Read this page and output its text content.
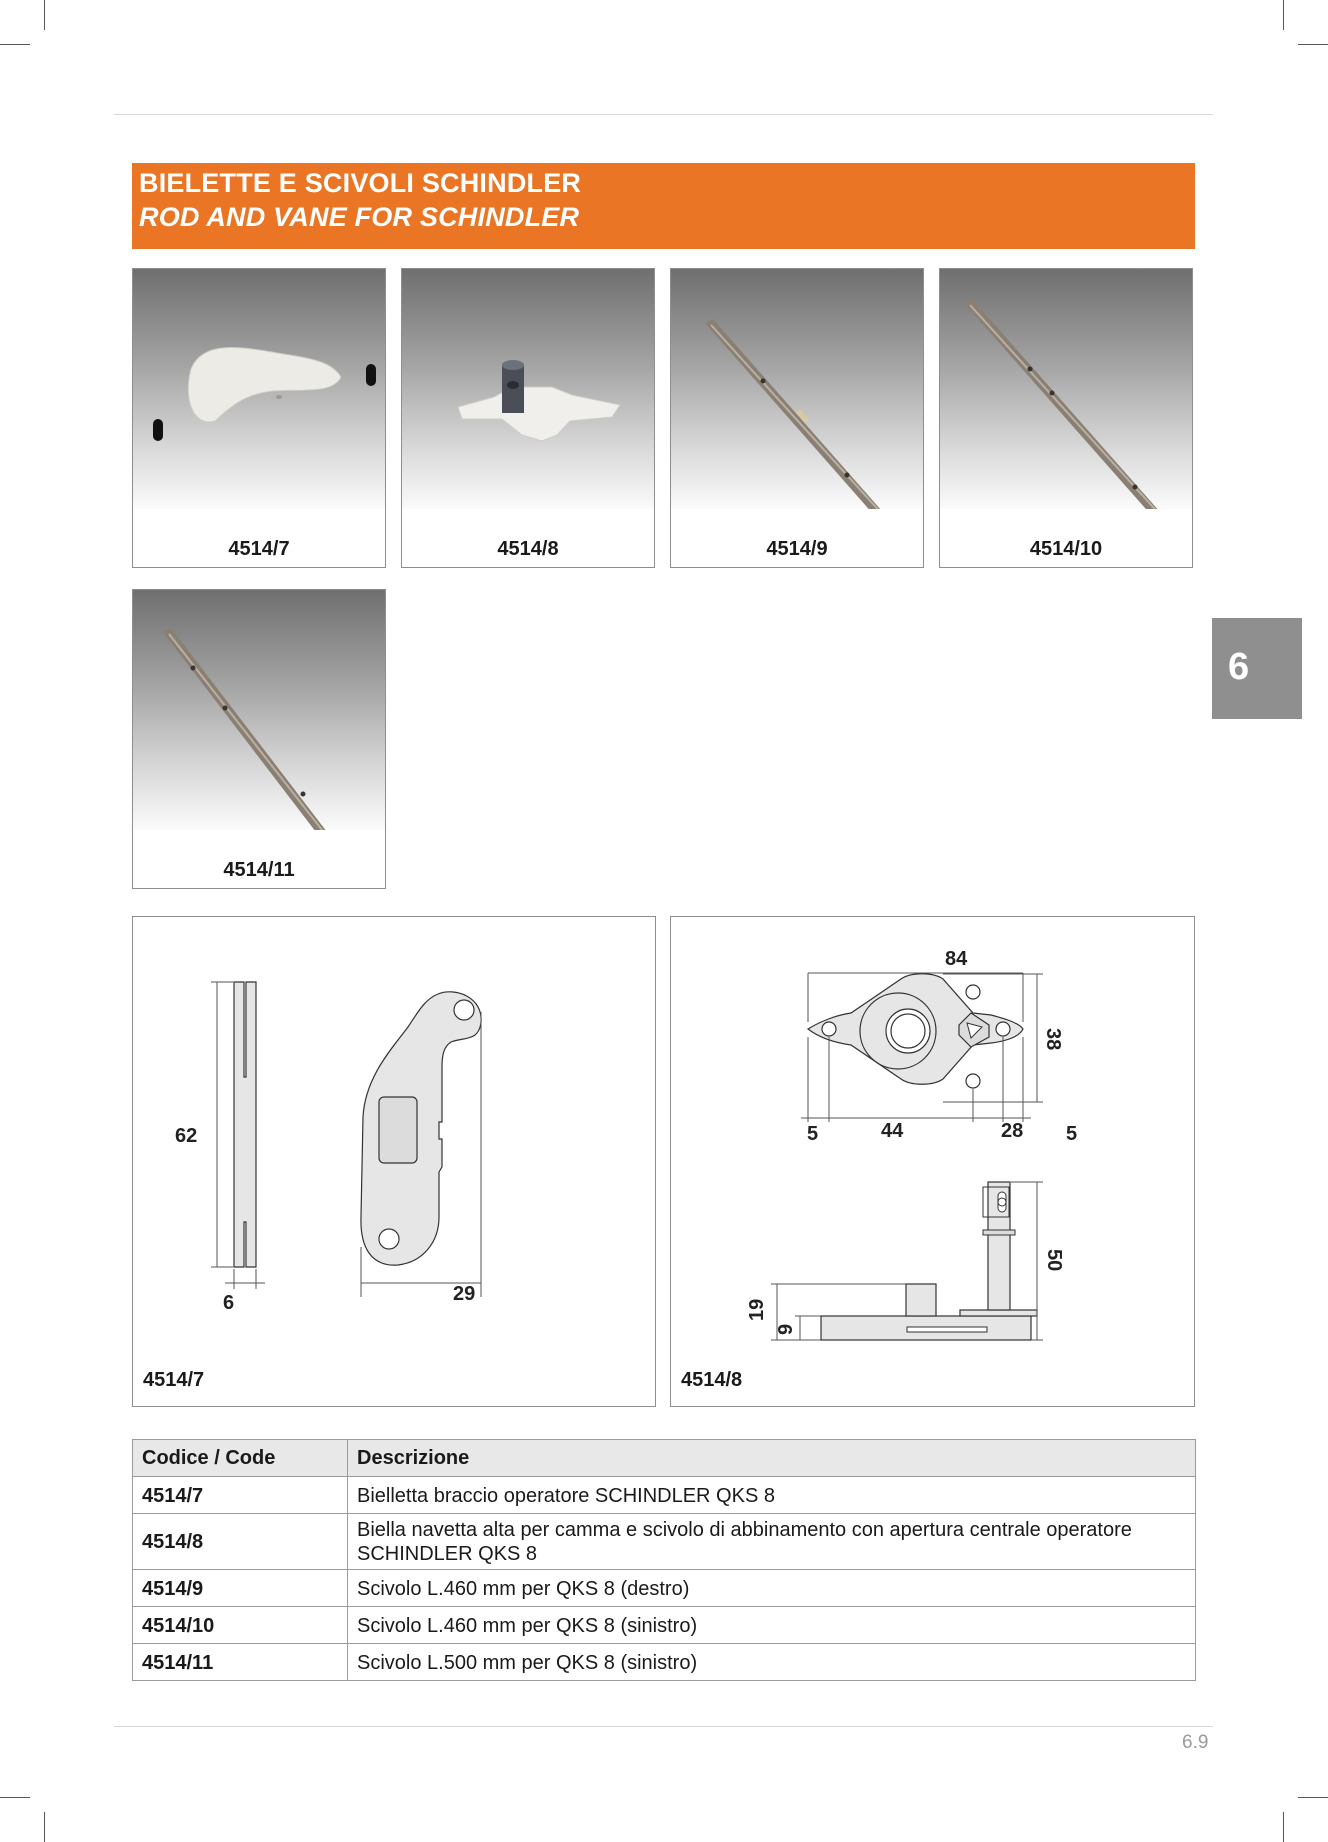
BIELETTE E SCIVOLI SCHINDLER
ROD AND VANE FOR SCHINDLER
4514/7	4514/8	4514/9	4514/10
4514/11
6
62
6	29
4514/7
84
38
5	44	28 5
50
19
9
4514/8
Codice / Code	Descrizione
4514/7	Bielletta braccio operatore SCHINDLER QKS 8
4514/8	Biella navetta alta per camma e scivolo di abbinamento con apertura centrale operatore SCHINDLER QKS 8
4514/9	Scivolo L.460 mm per QKS 8 (destro)
4514/10	Scivolo L.460 mm per QKS 8 (sinistro)
4514/11	Scivolo L.500 mm per QKS 8 (sinistro)
6.9
